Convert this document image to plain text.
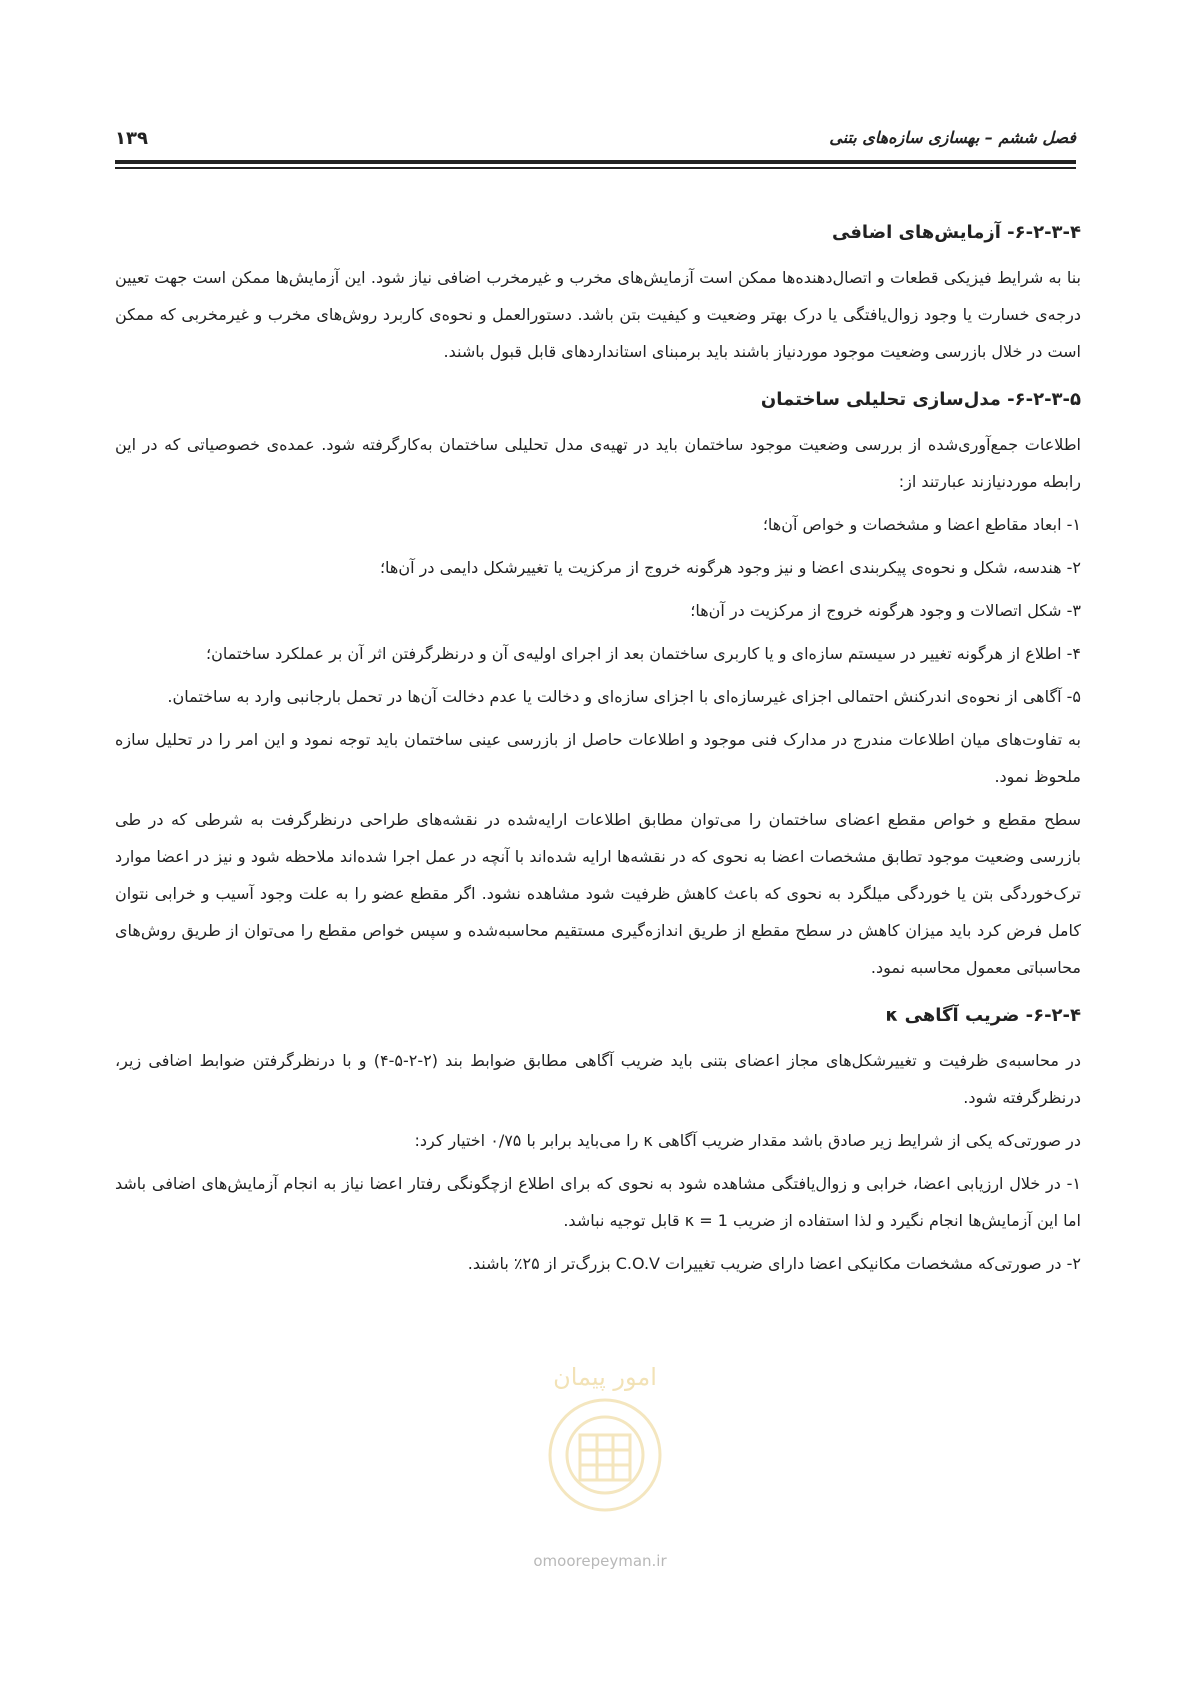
فصل ششم – بهسازی سازه‌های بتنی
۱۳۹
۶-۲-۳-۴- آزمایش‌های اضافی

بنا به شرایط فیزیکی قطعات و اتصال‌دهنده‌ها ممکن است آزمایش‌های مخرب و غیرمخرب اضافی نیاز شود. این آزمایش‌ها ممکن است جهت تعیین درجه‌ی خسارت یا وجود زوال‌یافتگی یا درک بهتر وضعیت و کیفیت بتن باشد. دستورالعمل و نحوه‌ی کاربرد روش‌های مخرب و غیرمخربی که ممکن است در خلال بازرسی وضعیت موجود موردنیاز باشند باید برمبنای استانداردهای قابل قبول باشند.

۶-۲-۳-۵- مدل‌سازی تحلیلی ساختمان

اطلاعات جمع‌آوری‌شده از بررسی وضعیت موجود ساختمان باید در تهیه‌ی مدل تحلیلی ساختمان به‌کارگرفته شود. عمده‌ی خصوصیاتی که در این رابطه موردنیازند عبارتند از:

۱- ابعاد مقاطع اعضا و مشخصات و خواص آن‌ها؛

۲- هندسه، شکل و نحوه‌ی پیکربندی اعضا و نیز وجود هرگونه خروج از مرکزیت یا تغییرشکل دایمی در آن‌ها؛

۳- شکل اتصالات و وجود هرگونه خروج از مرکزیت در آن‌ها؛

۴- اطلاع از هرگونه تغییر در سیستم سازه‌ای و یا کاربری ساختمان بعد از اجرای اولیه‌ی آن و درنظرگرفتن اثر آن بر عملکرد ساختمان؛

۵- آگاهی از نحوه‌ی اندرکنش احتمالی اجزای غیرسازه‌ای با اجزای سازه‌ای و دخالت یا عدم دخالت آن‌ها در تحمل بارجانبی وارد به ساختمان.

به تفاوت‌های میان اطلاعات مندرج در مدارک فنی موجود و اطلاعات حاصل از بازرسی عینی ساختمان باید توجه نمود و این امر را در تحلیل سازه ملحوظ نمود.

سطح مقطع و خواص مقطع اعضای ساختمان را می‌توان مطابق اطلاعات ارایه‌شده در نقشه‌های طراحی درنظرگرفت به شرطی که در طی بازرسی وضعیت موجود تطابق مشخصات اعضا به نحوی که در نقشه‌ها ارایه شده‌اند با آنچه در عمل اجرا شده‌اند ملاحظه شود و نیز در اعضا موارد ترک‌خوردگی بتن یا خوردگی میلگرد به نحوی که باعث کاهش ظرفیت شود مشاهده نشود. اگر مقطع عضو را به علت وجود آسیب و خرابی نتوان کامل فرض کرد باید میزان کاهش در سطح مقطع از طریق اندازه‌گیری مستقیم محاسبه‌شده و سپس خواص مقطع را می‌توان از طریق روش‌های محاسباتی معمول محاسبه نمود.

۶-۲-۴- ضریب آگاهی κ

در محاسبه‌ی ظرفیت و تغییرشکل‌های مجاز اعضای بتنی باید ضریب آگاهی مطابق ضوابط بند (۲-۲-۵-۴) و با درنظرگرفتن ضوابط اضافی زیر، درنظرگرفته شود.

در صورتی‌که یکی از شرایط زیر صادق باشد مقدار ضریب آگاهی κ را می‌باید برابر با ۰/۷۵ اختیار کرد:

۱- در خلال ارزیابی اعضا، خرابی و زوال‌یافتگی مشاهده شود به نحوی که برای اطلاع ازچگونگی رفتار اعضا نیاز به انجام آزمایش‌های اضافی باشد اما این آزمایش‌ها انجام نگیرد و لذا استفاده از ضریب κ = 1 قابل توجیه نباشد.

۲- در صورتی‌که مشخصات مکانیکی اعضا دارای ضریب تغییرات C.O.V بزرگ‌تر از ۲۵٪ باشند.

امور پیمان
omoorepeyman.ir
